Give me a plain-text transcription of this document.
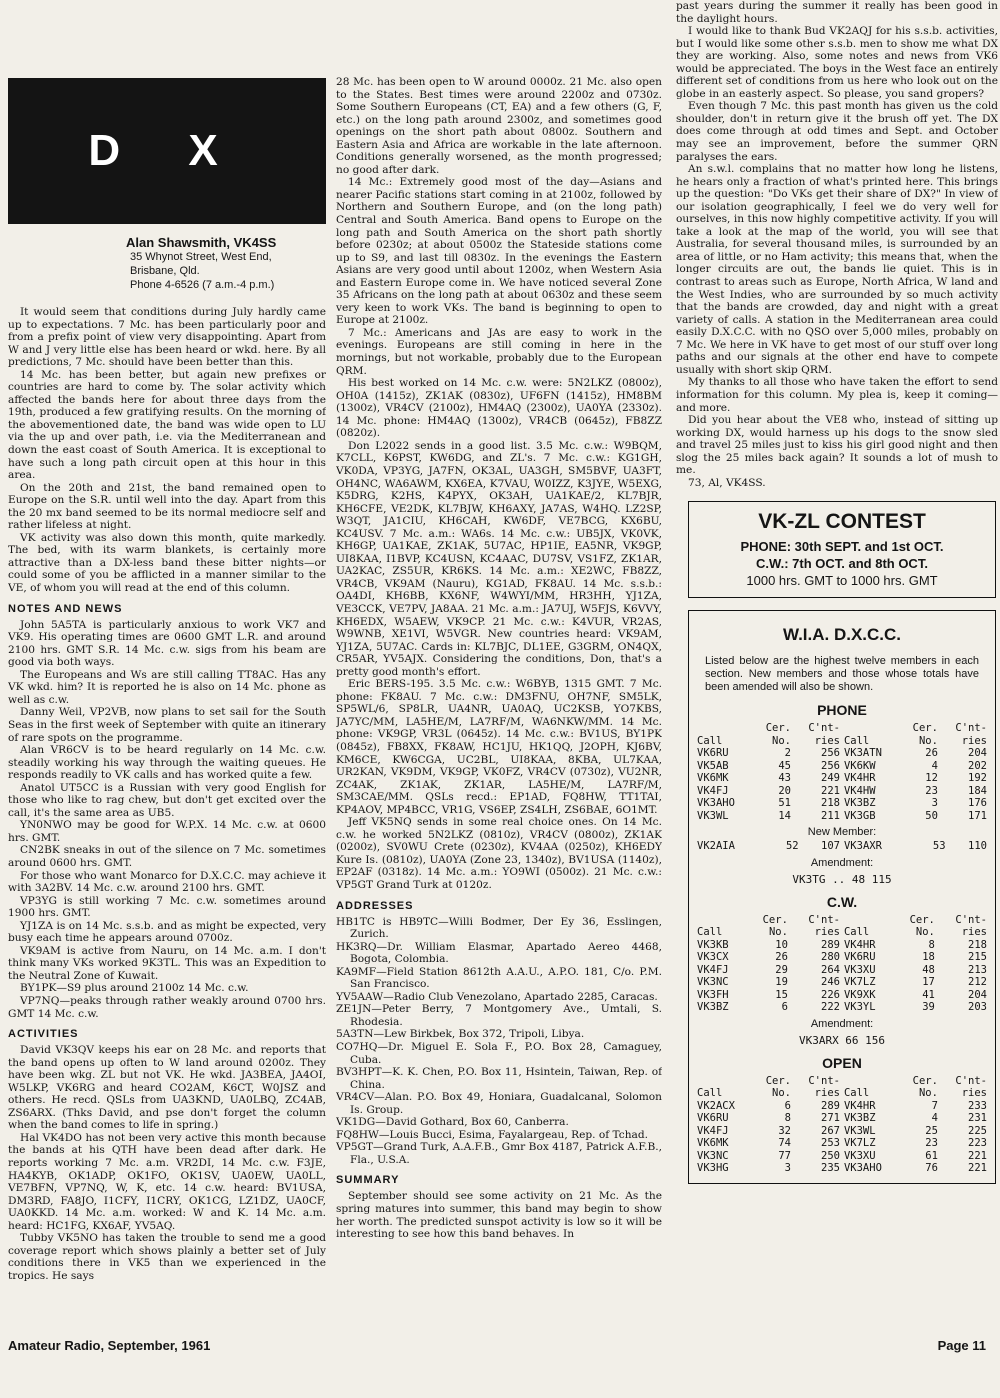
D X
Alan Shawsmith, VK4SS
35 Whynot Street, West End,
Brisbane, Qld.
Phone 4-6526 (7 a.m.-4 p.m.)

It would seem that conditions during July hardly came up to expectations. 7 Mc. has been particularly poor and from a prefix point of view very disappointing. Apart from W and J very little else has been heard or wkd. here. By all predictions, 7 Mc. should have been better than this.

14 Mc. has been better, but again new prefixes or countries are hard to come by. The solar activity which affected the bands here for about three days from the 19th, produced a few gratifying results. On the morning of the abovementioned date, the band was wide open to LU via the up and over path, i.e. via the Mediterranean and down the east coast of South America. It is exceptional to have such a long path circuit open at this hour in this area.

On the 20th and 21st, the band remained open to Europe on the S.R. until well into the day. Apart from this the 20 mx band seemed to be its normal mediocre self and rather lifeless at night.

VK activity was also down this month, quite markedly. The bed, with its warm blankets, is certainly more attractive than a DX-less band these bitter nights—or could some of you be afflicted in a manner similar to the VE, of whom you will read at the end of this column.

NOTES AND NEWS

John 5A5TA is particularly anxious to work VK7 and VK9. His operating times are 0600 GMT L.R. and around 2100 hrs. GMT S.R. 14 Mc. c.w. sigs from his beam are good via both ways.

The Europeans and Ws are still calling TT8AC. Has any VK wkd. him? It is reported he is also on 14 Mc. phone as well as c.w.

Danny Weil, VP2VB, now plans to set sail for the South Seas in the first week of September with quite an itinerary of rare spots on the programme.

Alan VR6CV is to be heard regularly on 14 Mc. c.w. steadily working his way through the waiting queues. He responds readily to VK calls and has worked quite a few.

Anatol UT5CC is a Russian with very good English for those who like to rag chew, but don't get excited over the call, it's the same area as UB5.

YN0NWO may be good for W.P.X. 14 Mc. c.w. at 0600 hrs. GMT.

CN2BK sneaks in out of the silence on 7 Mc. sometimes around 0600 hrs. GMT.

For those who want Monarco for D.X.C.C. may achieve it with 3A2BV. 14 Mc. c.w. around 2100 hrs. GMT.

VP3YG is still working 7 Mc. c.w. sometimes around 1900 hrs. GMT.

YJ1ZA is on 14 Mc. s.s.b. and as might be expected, very busy each time he appears around 0700z.

VK9AM is active from Nauru, on 14 Mc. a.m. I don't think many VKs worked 9K3TL. This was an Expedition to the Neutral Zone of Kuwait.

BY1PK—S9 plus around 2100z 14 Mc. c.w.

VP7NQ—peaks through rather weakly around 0700 hrs. GMT 14 Mc. c.w.

ACTIVITIES

David VK3QV keeps his ear on 28 Mc. and reports that the band opens up often to W land around 0200z. They have been wkg. ZL but not VK. He wkd. JA3BEA, JA4OI, W5LKP, VK6RG and heard CO2AM, K6CT, W0JSZ and others. He recd. QSLs from UA3KND, UA0LBQ, ZC4AB, ZS6ARX. (Thks David, and pse don't forget the column when the band comes to life in spring.)

Hal VK4DO has not been very active this month because the bands at his QTH have been dead after dark. He reports working 7 Mc. a.m. VR2DI, 14 Mc. c.w. F3JE, HA4KYB, OK1ADP, OK1FO, OK1SV, UA0EW, UA0LL, VE7BFN, VP7NQ, W, K, etc. 14 c.w. heard: BV1USA, DM3RD, FA8JO, I1CFY, I1CRY, OK1CG, LZ1DZ, UA0CF, UA0KKD. 14 Mc. a.m. worked: W and K. 14 Mc. a.m. heard: HC1FG, KX6AF, YV5AQ.

Tubby VK5NO has taken the trouble to send me a good coverage report which shows plainly a better set of July conditions there in VK5 than we experienced in the tropics. He says

28 Mc. has been open to W around 0000z. 21 Mc. also open to the States. Best times were around 2200z and 0730z. Some Southern Europeans (CT, EA) and a few others (G, F, etc.) on the long path around 2300z, and sometimes good openings on the short path about 0800z. Southern and Eastern Asia and Africa are workable in the late afternoon. Conditions generally worsened, as the month progressed; no good after dark.

14 Mc.: Extremely good most of the day—Asians and nearer Pacific stations start coming in at 2100z, followed by Northern and Southern Europe, and (on the long path) Central and South America. Band opens to Europe on the long path and South America on the short path shortly before 0230z; at about 0500z the Stateside stations come up to S9, and last till 0830z. In the evenings the Eastern Asians are very good until about 1200z, when Western Asia and Eastern Europe come in. We have noticed several Zone 35 Africans on the long path at about 0630z and these seem very keen to work VKs. The band is beginning to open to Europe at 2100z.

7 Mc.: Americans and JAs are easy to work in the evenings. Europeans are still coming in here in the mornings, but not workable, probably due to the European QRM.

His best worked on 14 Mc. c.w. were: 5N2LKZ (0800z), OH0A (1415z), ZK1AK (0830z), UF6FN (1415z), HM8BM (1300z), VR4CV (2100z), HM4AQ (2300z), UA0YA (2330z). 14 Mc. phone: HM4AQ (1300z), VR4CB (0645z), FB8ZZ (0820z).

Don L2022 sends in a good list. 3.5 Mc. c.w.: W9BQM, K7CLL, K6PST, KW6DG, and ZL's. 7 Mc. c.w.: KG1GH, VK0DA, VP3YG, JA7FN, OK3AL, UA3GH, SM5BVF, UA3FT, OH4NC, WA6AWM, KX6EA, K7VAU, W0IZZ, K3JYE, W5EXG, K5DRG, K2HS, K4PYX, OK3AH, UA1KAE/2, KL7BJR, KH6CFE, VE2DK, KL7BJW, KH6AXY, JA7AS, W4HQ. LZ2SP, W3QT, JA1CIU, KH6CAH, KW6DF, VE7BCG, KX6BU, KC4USV. 7 Mc. a.m.: WA6s. 14 Mc. c.w.: UB5JX, VK0VK, KH6GP, UA1KAE, ZK1AK, 5U7AC, HP1IE, EA5NR, VK9GP, UI8KAA, I1BVP, KC4USN, KC4AAC, DU7SV, VS1FZ, ZK1AR, UA2KAC, ZS5UR, KR6KS. 14 Mc. a.m.: XE2WC, FB8ZZ, VR4CB, VK9AM (Nauru), KG1AD, FK8AU. 14 Mc. s.s.b.: OA4DI, KH6BB, KX6NF, W4WYI/MM, HR3HH, YJ1ZA, VE3CCK, VE7PV, JA8AA. 21 Mc. a.m.: JA7UJ, W5FJS, K6VVY, KH6EDX, W5AEW, VK9CP. 21 Mc. c.w.: K4VUR, VR2AS, W9WNB, XE1VI, W5VGR. New countries heard: VK9AM, YJ1ZA, 5U7AC. Cards in: KL7BJC, DL1EE, G3GRM, ON4QX, CR5AR, YV5AJX. Considering the conditions, Don, that's a pretty good month's effort.

Eric BERS-195. 3.5 Mc. c.w.: W6BYB, 1315 GMT. 7 Mc. phone: FK8AU. 7 Mc. c.w.: DM3FNU, OH7NF, SM5LK, SP5WL/6, SP8LR, UA4NR, UA0AQ, UC2KSB, YO7KBS, JA7YC/MM, LA5HE/M, LA7RF/M, WA6NKW/MM. 14 Mc. phone: VK9GP, VR3L (0645z). 14 Mc. c.w.: BV1US, BY1PK (0845z), FB8XX, FK8AW, HC1JU, HK1QQ, J2OPH, KJ6BV, KM6CE, KW6CGA, UC2BL, UI8KAA, 8KBA, UL7KAA, UR2KAN, VK9DM, VK9GP, VK0FZ, VR4CV (0730z), VU2NR, ZC4AK, ZK1AK, ZK1AR, LA5HE/M, LA7RF/M, SM3CAE/MM. QSLs recd.: EP1AD, FQ8HW, TT1TAI, KP4AOV, MP4BCC, VR1G, VS6EP, ZS4LH, ZS6BAE, 6O1MT.

Jeff VK5NQ sends in some real choice ones. On 14 Mc. c.w. he worked 5N2LKZ (0810z), VR4CV (0800z), ZK1AK (0200z), SV0WU Crete (0230z), KV4AA (0250z), KH6EDY Kure Is. (0810z), UA0YA (Zone 23, 1340z), BV1USA (1140z), EP2AF (0318z). 14 Mc. a.m.: YO9WI (0500z). 21 Mc. c.w.: VP5GT Grand Turk at 0120z.

ADDRESSES
HB1TC is HB9TC—Willi Bodmer, Der Ey 36, Esslingen, Zurich.
HK3RQ—Dr. William Elasmar, Apartado Aereo 4468, Bogota, Colombia.
KA9MF—Field Station 8612th A.A.U., A.P.O. 181, C/o. P.M. San Francisco.
YV5AAW—Radio Club Venezolano, Apartado 2285, Caracas.
ZE1JN—Peter Berry, 7 Montgomery Ave., Umtali, S. Rhodesia.
5A3TN—Lew Birkbek, Box 372, Tripoli, Libya.
CO7HQ—Dr. Miguel E. Sola F., P.O. Box 28, Camaguey, Cuba.
BV3HPT—K. K. Chen, P.O. Box 11, Hsintein, Taiwan, Rep. of China.
VR4CV—Alan. P.O. Box 49, Honiara, Guadalcanal, Solomon Is. Group.
VK1DG—David Gothard, Box 60, Canberra.
FQ8HW—Louis Bucci, Esima, Fayalargeau, Rep. of Tchad.
VP5GT—Grand Turk, A.A.F.B., Gmr Box 4187, Patrick A.F.B., Fla., U.S.A.
SUMMARY

September should see some activity on 21 Mc. As the spring matures into summer, this band may begin to show her worth. The predicted sunspot activity is low so it will be interesting to see how this band behaves. In

past years during the summer it really has been good in the daylight hours.

I would like to thank Bud VK2AQJ for his s.s.b. activities, but I would like some other s.s.b. men to show me what DX they are working. Also, some notes and news from VK6 would be appreciated. The boys in the West face an entirely different set of conditions from us here who look out on the globe in an easterly aspect. So please, you sand gropers?

Even though 7 Mc. this past month has given us the cold shoulder, don't in return give it the brush off yet. The DX does come through at odd times and Sept. and October may see an improvement, before the summer QRN paralyses the ears.

An s.w.l. complains that no matter how long he listens, he hears only a fraction of what's printed here. This brings up the question: "Do VKs get their share of DX?" In view of our isolation geographically, I feel we do very well for ourselves, in this now highly competitive activity. If you will take a look at the map of the world, you will see that Australia, for several thousand miles, is surrounded by an area of little, or no Ham activity; this means that, when the longer circuits are out, the bands lie quiet. This is in contrast to areas such as Europe, North Africa, W land and the West Indies, who are surrounded by so much activity that the bands are crowded, day and night with a great variety of calls. A station in the Mediterranean area could easily D.X.C.C. with no QSO over 5,000 miles, probably on 7 Mc. We here in VK have to get most of our stuff over long paths and our signals at the other end have to compete usually with short skip QRM.

My thanks to all those who have taken the effort to send information for this column. My plea is, keep it coming—and more.

Did you hear about the VE8 who, instead of sitting up working DX, would harness up his dogs to the snow sled and travel 25 miles just to kiss his girl good night and then slog the 25 miles back again? It sounds a lot of mush to me.

73, Al, VK4SS.

VK-ZL CONTEST
PHONE: 30th SEPT. and 1st OCT.
C.W.: 7th OCT. and 8th OCT.
1000 hrs. GMT to 1000 hrs. GMT
W.I.A. D.X.C.C.
Listed below are the highest twelve members in each section. New members and those whose totals have been amended will also be shown.
PHONE
	Cer.	C'nt-		Cer.	C'nt-
Call	No.	ries	Call	No.	ries
VK6RU	2	256	VK3ATN	26	204
VK5AB	45	256	VK6KW	4	202
VK6MK	43	249	VK4HR	12	192
VK4FJ	20	221	VK4HW	23	184
VK3AHO	51	218	VK3BZ	3	176
VK3WL	14	211	VK3GB	50	171
New Member:
VK2AIA	52	107	VK3AXR	53	110
Amendment:
VK3TG .. 48 115
C.W.
	Cer.	C'nt-		Cer.	C'nt-
Call	No.	ries	Call	No.	ries
VK3KB	10	289	VK4HR	8	218
VK3CX	26	280	VK6RU	18	215
VK4FJ	29	264	VK3XU	48	213
VK3NC	19	246	VK7LZ	17	212
VK3FH	15	226	VK9XK	41	204
VK3BZ	6	222	VK3YL	39	203
Amendment:
VK3ARX 66 156
OPEN
	Cer.	C'nt-		Cer.	C'nt-
Call	No.	ries	Call	No.	ries
VK2ACX	6	289	VK4HR	7	233
VK6RU	8	271	VK3BZ	4	231
VK4FJ	32	267	VK3WL	25	225
VK6MK	74	253	VK7LZ	23	223
VK3NC	77	250	VK3XU	61	221
VK3HG	3	235	VK3AHO	76	221
Amateur Radio, September, 1961	Page 11
